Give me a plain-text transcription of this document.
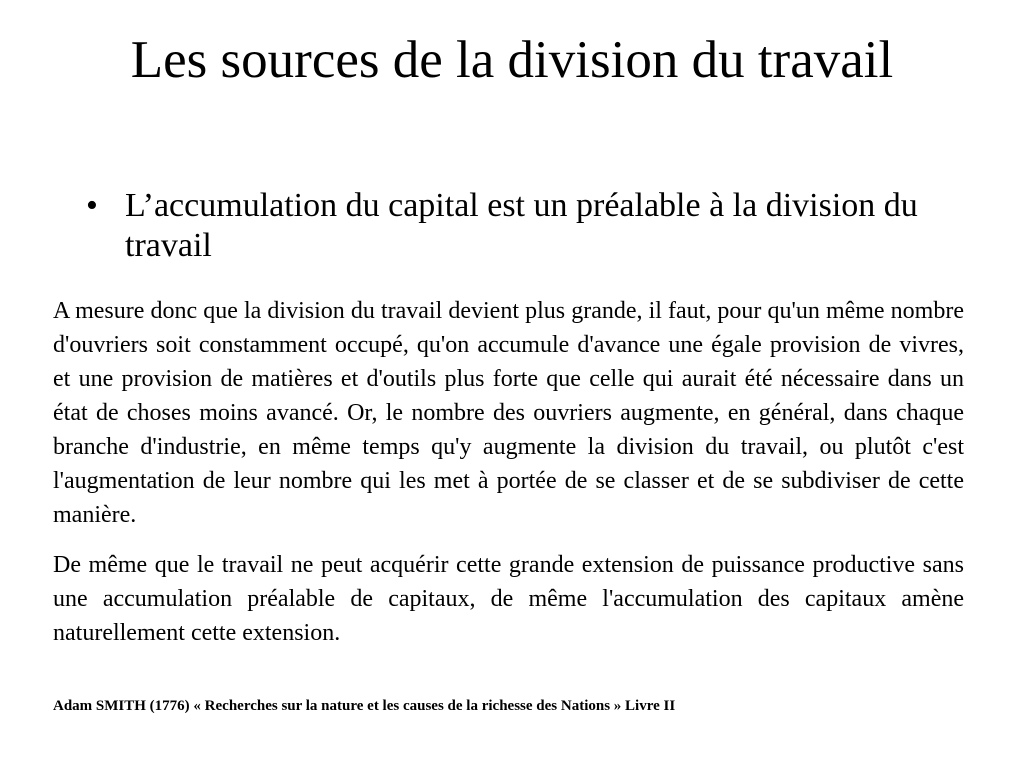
Les sources de la division du travail
• L’accumulation du capital est un préalable à la division du travail

A mesure donc que la division du travail devient plus grande, il faut, pour qu'un même nombre d'ouvriers soit constamment occupé, qu'on accumule d'avance une égale provision de vivres, et une provision de matières et d'outils plus forte que celle qui aurait été nécessaire dans un état de choses moins avancé. Or, le nombre des ouvriers augmente, en général, dans chaque branche d'industrie, en même temps qu'y augmente la division du travail, ou plutôt c'est l'augmentation de leur nombre qui les met à portée de se classer et de se subdiviser de cette manière.

De même que le travail ne peut acquérir cette grande extension de puissance productive sans une accumulation préalable de capitaux, de même l'accumulation des capitaux amène naturellement cette extension.

Adam SMITH (1776) « Recherches sur la nature et les causes de la richesse des Nations » Livre II
